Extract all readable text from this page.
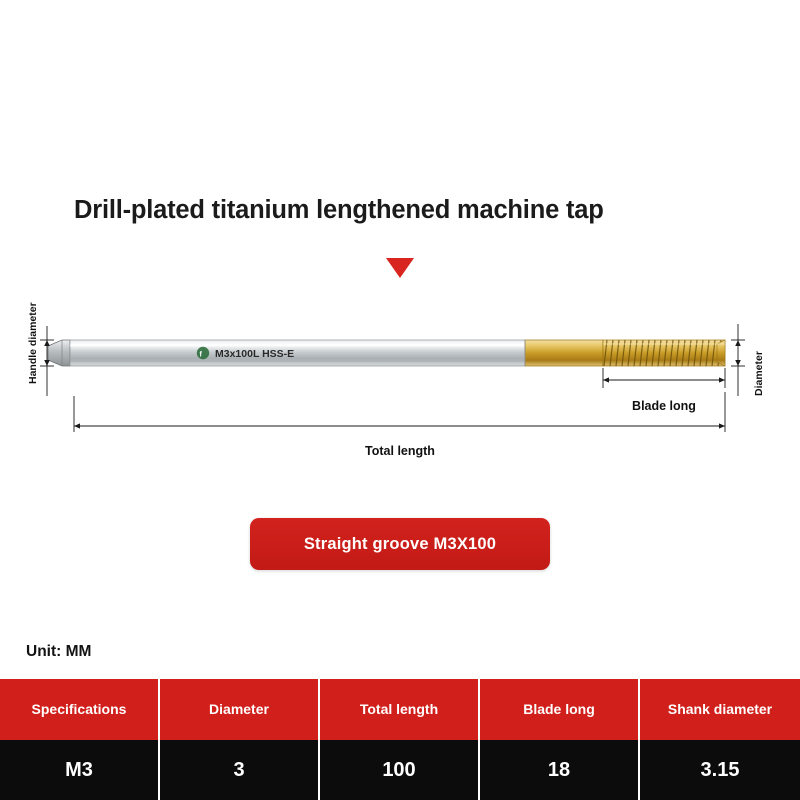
Drill-plated titanium lengthened machine tap
f M3x100L HSS-E
Handle diameter	Diameter
Blade long
Total length
Straight groove M3X100
Unit: MM
Specifications	Diameter	Total length	Blade long	Shank diameter
M3	3	100	18	3.15
